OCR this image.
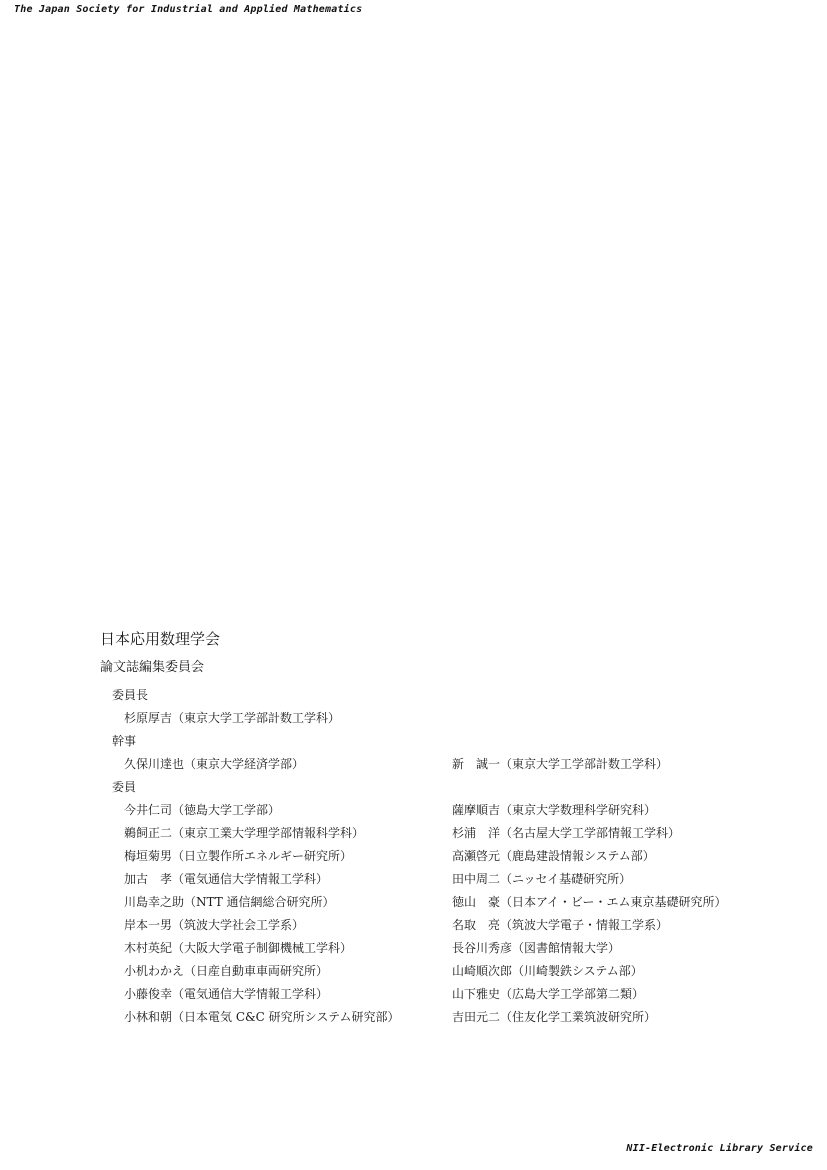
The Japan Society for Industrial and Applied Mathematics
日本応用数理学会
論文誌編集委員会
委員長
杉原厚吉（東京大学工学部計数工学科）
幹事
久保川達也（東京大学経済学部）	新　誠一（東京大学工学部計数工学科）
委員
今井仁司（徳島大学工学部）	薩摩順吉（東京大学数理科学研究科）
鵜飼正二（東京工業大学理学部情報科学科）	杉浦　洋（名古屋大学工学部情報工学科）
梅垣菊男（日立製作所エネルギー研究所）	高瀬啓元（鹿島建設情報システム部）
加古　孝（電気通信大学情報工学科）	田中周二（ニッセイ基礎研究所）
川島幸之助（NTT 通信網総合研究所）	徳山　豪（日本アイ・ビー・エム東京基礎研究所）
岸本一男（筑波大学社会工学系）	名取　亮（筑波大学電子・情報工学系）
木村英紀（大阪大学電子制御機械工学科）	長谷川秀彦（図書館情報大学）
小机わかえ（日産自動車車両研究所）	山崎順次郎（川崎製鉄システム部）
小藤俊幸（電気通信大学情報工学科）	山下雅史（広島大学工学部第二類）
小林和朝（日本電気 C&C 研究所システム研究部）	吉田元二（住友化学工業筑波研究所）
NII-Electronic Library Service
